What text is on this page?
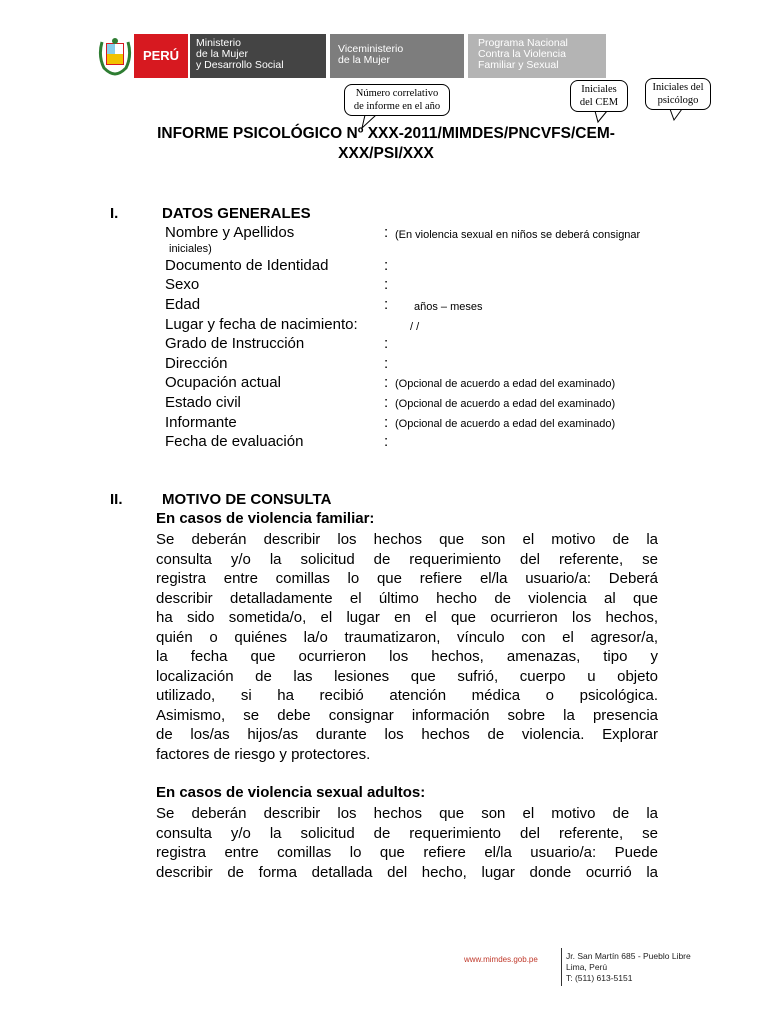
PERÚ
Ministerio
de la Mujer
y Desarrollo Social
Viceministerio
de la Mujer
Programa Nacional
Contra la Violencia
Familiar y Sexual
Número correlativo
de informe en el año
Iniciales
del CEM
Iniciales del
psicólogo
INFORME PSICOLÓGICO Nº XXX-2011/MIMDES/PNCVFS/CEM-
XXX/PSI/XXX
I.	DATOS GENERALES
Nombre y Apellidos	: (En violencia sexual en niños se deberá consignar
iniciales)
Documento de Identidad	:
Sexo	:
Edad	: años – meses
Lugar y fecha de nacimiento:	/ /
Grado de Instrucción	:
Dirección	:
Ocupación actual	: (Opcional de acuerdo a edad del examinado)
Estado civil	: (Opcional de acuerdo a edad del examinado)
Informante	: (Opcional de acuerdo a edad del examinado)
Fecha de evaluación	:
II.	MOTIVO DE CONSULTA
En casos de violencia familiar:
Se deberán describir los hechos que son el motivo de la
consulta y/o la solicitud de requerimiento del referente, se
registra entre comillas lo que refiere el/la usuario/a: Deberá
describir detalladamente el último hecho de violencia al que
ha sido sometida/o, el lugar en el que ocurrieron los hechos,
quién o quiénes la/o traumatizaron, vínculo con el agresor/a,
la fecha que ocurrieron los hechos, amenazas, tipo y
localización de las lesiones que sufrió, cuerpo u objeto
utilizado, si ha recibió atención médica o psicológica.
Asimismo, se debe consignar información sobre la presencia
de los/as hijos/as durante los hechos de violencia. Explorar
factores de riesgo y protectores.
En casos de violencia sexual adultos:
Se deberán describir los hechos que son el motivo de la
consulta y/o la solicitud de requerimiento del referente, se
registra entre comillas lo que refiere el/la usuario/a: Puede
describir de forma detallada del hecho, lugar donde ocurrió la
www.mimdes.gob.pe	Jr. San Martín 685 - Pueblo Libre
Lima, Perú
T: (511) 613-5151
